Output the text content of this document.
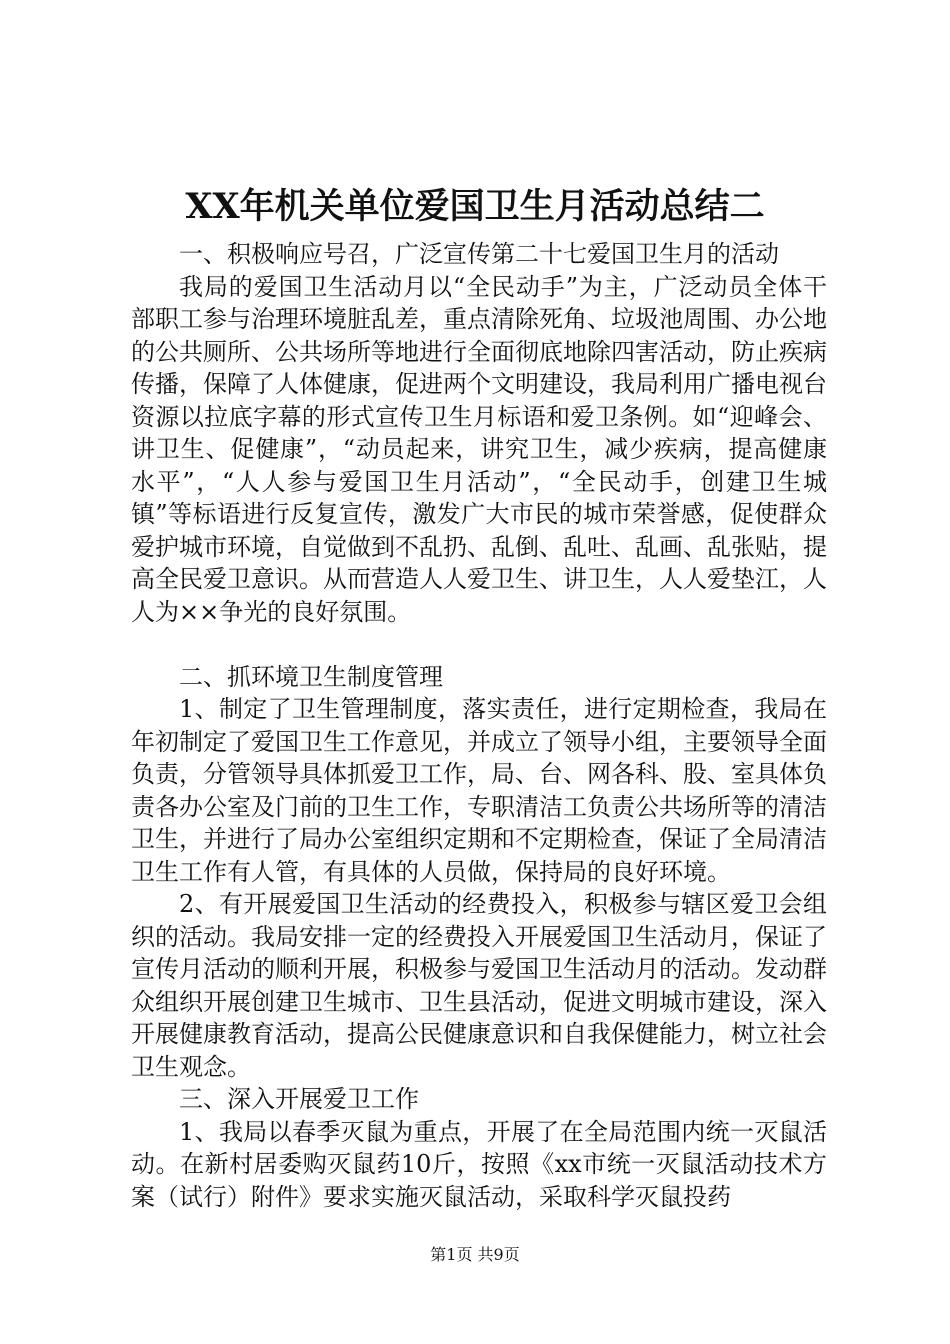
XX年机关单位爱国卫生月活动总结二

一、积极响应号召，广泛宣传第二十七爱国卫生月的活动

我局的爱国卫生活动月以“全民动手”为主，广泛动员全体干部职工参与治理环境脏乱差，重点清除死角、垃圾池周围、办公地的公共厕所、公共场所等地进行全面彻底地除四害活动，防止疾病传播，保障了人体健康，促进两个文明建设，我局利用广播电视台资源以拉底字幕的形式宣传卫生月标语和爱卫条例。如“迎峰会、讲卫生、促健康”，“动员起来，讲究卫生，减少疾病，提高健康水平”，“人人参与爱国卫生月活动”，“全民动手，创建卫生城镇”等标语进行反复宣传，激发广大市民的城市荣誉感，促使群众爱护城市环境，自觉做到不乱扔、乱倒、乱吐、乱画、乱张贴，提高全民爱卫意识。从而营造人人爱卫生、讲卫生，人人爱垫江，人人为××争光的良好氛围。

二、抓环境卫生制度管理

1、制定了卫生管理制度，落实责任，进行定期检查，我局在年初制定了爱国卫生工作意见，并成立了领导小组，主要领导全面负责，分管领导具体抓爱卫工作，局、台、网各科、股、室具体负责各办公室及门前的卫生工作，专职清洁工负责公共场所等的清洁卫生，并进行了局办公室组织定期和不定期检查，保证了全局清洁卫生工作有人管，有具体的人员做，保持局的良好环境。

2、有开展爱国卫生活动的经费投入，积极参与辖区爱卫会组织的活动。我局安排一定的经费投入开展爱国卫生活动月，保证了宣传月活动的顺利开展，积极参与爱国卫生活动月的活动。发动群众组织开展创建卫生城市、卫生县活动，促进文明城市建设，深入开展健康教育活动，提高公民健康意识和自我保健能力，树立社会卫生观念。

三、深入开展爱卫工作

1、我局以春季灭鼠为重点，开展了在全局范围内统一灭鼠活动。在新村居委购灭鼠药10斤，按照《xx市统一灭鼠活动技术方案（试行）附件》要求实施灭鼠活动，采取科学灭鼠投药

第1页 共9页
